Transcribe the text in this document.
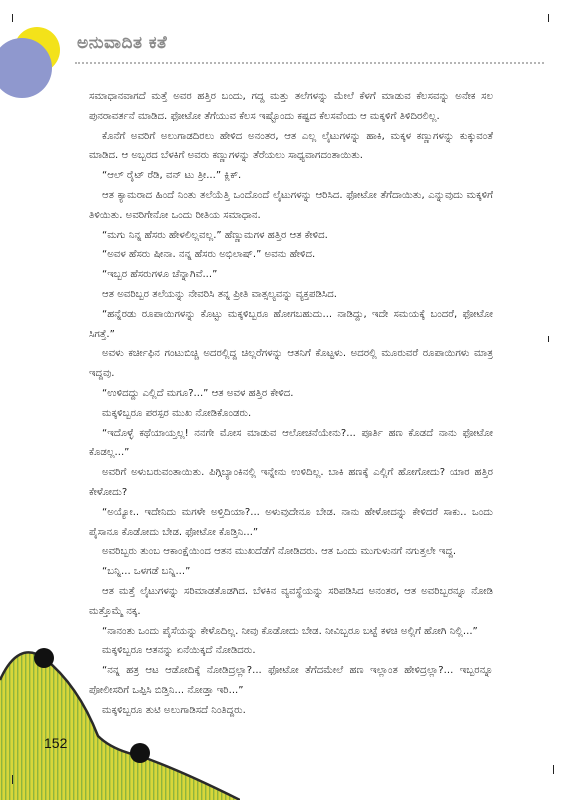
ಅನುವಾದಿತ ಕತೆ

ಸಮಾಧಾನವಾಗದೆ ಮತ್ತೆ ಅವರ ಹತ್ತಿರ ಬಂದು, ಗದ್ದ ಮತ್ತು ತಲೆಗಳನ್ನು ಮೇಲೆ ಕೆಳಗೆ ಮಾಡುವ ಕೆಲಸವನ್ನು ಅನೇಕ ಸಲ ಪುನರಾವರ್ತನೆ ಮಾಡಿದ. ಫೋಟೋ ತೆಗೆಯುವ ಕೆಲಸ ಇಷ್ಟೊಂದು ಕಷ್ಟದ ಕೆಲಸವೆಂದು ಆ ಮಕ್ಕಳಿಗೆ ತಿಳಿದಿರಲಿಲ್ಲ.

ಕೊನೆಗೆ ಅವರಿಗೆ ಅಲುಗಾಡದಿರಲು ಹೇಳಿದ ಅನಂತರ, ಆತ ಎಲ್ಲ ಲೈಟುಗಳನ್ನು ಹಾಕಿ, ಮಕ್ಕಳ ಕಣ್ಣುಗಳನ್ನು ಕುಕ್ಕುವಂತೆ ಮಾಡಿದ. ಆ ಅಬ್ಬರದ ಬೆಳಕಿಗೆ ಅವರು ಕಣ್ಣುಗಳನ್ನು ತೆರೆಯಲು ಸಾಧ್ಯವಾಗದಂತಾಯಿತು.

“ಆಲ್ ರೈಟ್ ರೆಡಿ, ವನ್ ಟು ತ್ರೀ...” ಕ್ಲಿಕ್.

ಆತ ಕ್ಯಾಮರಾದ ಹಿಂದೆ ನಿಂತು ತಲೆಯೆತ್ತಿ ಒಂದೊಂದೆ ಲೈಟುಗಳನ್ನು ಆರಿಸಿದ. ಫೋಟೋ ತೆಗೆದಾಯಿತು, ಎನ್ನುವುದು ಮಕ್ಕಳಿಗೆ ತಿಳಿಯಿತು. ಅವರಿಗೇನೋ ಒಂದು ರೀತಿಯ ಸಮಾಧಾನ.

“ಮಗು ನಿನ್ನ ಹೆಸರು ಹೇಳಲಿಲ್ಲವಲ್ಲ.” ಹೆಣ್ಣುಮಗಳ ಹತ್ತಿರ ಆತ ಕೇಳಿದ.

“ಅವಳ ಹೆಸರು ಷೀನಾ. ನನ್ನ ಹೆಸರು ಅಭಿಲಾಷ್.” ಅವನು ಹೇಳಿದ.

“ಇಬ್ಬರ ಹೆಸರುಗಳೂ ಚೆನ್ನಾಗಿವೆ...”

ಆತ ಅವರಿಬ್ಬರ ತಲೆಯನ್ನು ನೇವರಿಸಿ ತನ್ನ ಪ್ರೀತಿ ವಾತ್ಸಲ್ಯವನ್ನು ವ್ಯಕ್ತಪಡಿಸಿದ.

“ಹನ್ನೆರಡು ರೂಪಾಯಿಗಳನ್ನು ಕೊಟ್ಟು ಮಕ್ಕಳಿಬ್ಬರೂ ಹೋಗಬಹುದು... ನಾಡಿದ್ದು, ಇದೇ ಸಮಯಕ್ಕೆ ಬಂದರೆ, ಫೋಟೋ ಸಿಗತ್ತೆ.”

ಅವಳು ಕರ್ಚೀಫಿನ ಗಂಟುಬಿಚ್ಚಿ ಅದರಲ್ಲಿದ್ದ ಚಿಲ್ಲರೆಗಳನ್ನು ಆತನಿಗೆ ಕೊಟ್ಟಳು. ಅದರಲ್ಲಿ ಮೂರುವರೆ ರೂಪಾಯಿಗಳು ಮಾತ್ರ ಇದ್ದವು.

“ಉಳಿದದ್ದು ಎಲ್ಲಿದೆ ಮಗೂ?...” ಆತ ಅವಳ ಹತ್ತಿರ ಕೇಳಿದ.

ಮಕ್ಕಳಿಬ್ಬರೂ ಪರಸ್ಪರ ಮುಖ ನೋಡಿಕೊಂಡರು.

“ಇದೊಳ್ಳೆ ಕಥೆಯಾಯ್ತಲ್ಲ! ನನಗೇ ಮೋಸ ಮಾಡುವ ಆಲೋಚನೆಯೇನು?... ಪೂರ್ತಿ ಹಣ ಕೊಡದೆ ನಾನು ಫೋಟೋ ಕೊಡಲ್ಲ...”

ಅವರಿಗೆ ಅಳುಬರುವಂತಾಯಿತು. ಪಿಗ್ಗಿಬ್ಯಾಂಕಿನಲ್ಲಿ ಇನ್ನೇನು ಉಳಿದಿಲ್ಲ. ಬಾಕಿ ಹಣಕ್ಕೆ ಎಲ್ಲಿಗೆ ಹೋಗೋದು? ಯಾರ ಹತ್ತಿರ ಕೇಳೋದು?

“ಅಯ್ಯೋ.. ಇದೇನಿದು ಮಗಳೇ ಅಳ್ತಿದಿಯಾ?... ಅಳುವುದೇನೂ ಬೇಡ. ನಾನು ಹೇಳೋದನ್ನು ಕೇಳಿದರೆ ಸಾಕು.. ಒಂದು ಪೈಸಾನೂ ಕೊಡೋದು ಬೇಡ. ಫೋಟೋ ಕೊಡ್ತಿನಿ...”

ಅವರಿಬ್ಬರು ತುಂಬ ಆಕಾಂಕ್ಷೆಯಿಂದ ಆತನ ಮುಖದೆಡೆಗೆ ನೋಡಿದರು. ಆತ ಒಂದು ಮುಗುಳುನಗೆ ನಗುತ್ತಲೇ ಇದ್ದ.

“ಬನ್ನಿ... ಒಳಗಡೆ ಬನ್ನಿ...”

ಆತ ಮತ್ತೆ ಲೈಟುಗಳನ್ನು ಸರಿಮಾಡತೊಡಗಿದ. ಬೆಳಕಿನ ವ್ಯವಸ್ಥೆಯನ್ನು ಸರಿಪಡಿಸಿದ ಅನಂತರ, ಆತ ಅವರಿಬ್ಬರನ್ನೂ ನೋಡಿ ಮತ್ತೊಮ್ಮೆ ನಕ್ಕ.

“ನಾನಂತು ಒಂದು ಪೈಸೆಯನ್ನು ಕೇಳೊದಿಲ್ಲ. ನೀವು ಕೊಡೋದು ಬೇಡ. ನೀವಿಬ್ಬರೂ ಬಟ್ಟೆ ಕಳಚಿ ಅಲ್ಲಿಗೆ ಹೋಗಿ ನಿಲ್ಲಿ...”

ಮಕ್ಕಳಿಬ್ಬರೂ ಆತನನ್ನು ಏನೆಯಿಕ್ಕದೆ ನೋಡಿದರು.

“ನನ್ನ ಹತ್ರ ಆಟ ಆಡೋದಿಕ್ಕೆ ನೋಡಿದ್ರಲ್ಲಾ?... ಫೋಟೋ ತೆಗೆದಮೇಲೆ ಹಣ ಇಲ್ಲಾಂತ ಹೇಳಿದ್ರಲ್ಲಾ?... ಇಬ್ಬರನ್ನೂ ಪೋಲೀಸರಿಗೆ ಒಪ್ಪಿಸಿ ಬಿಡ್ತಿನಿ... ನೋಡ್ತಾ ಇರಿ...”

ಮಕ್ಕಳಿಬ್ಬರೂ ತುಟಿ ಅಲುಗಾಡಿಸದೆ ನಿಂತಿದ್ದರು.

152
